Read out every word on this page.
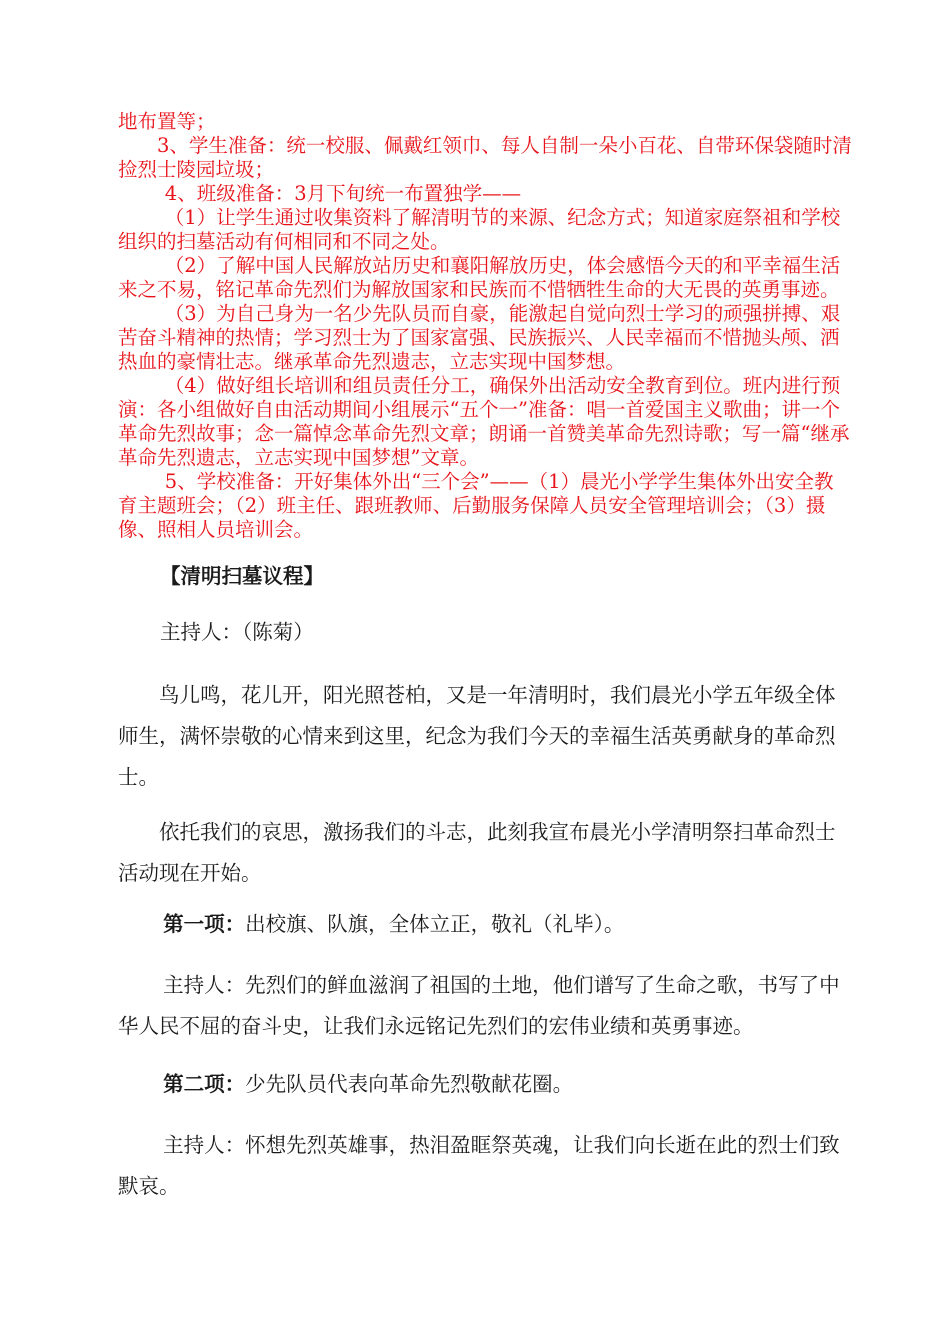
地布置等；

3、学生准备：统一校服、佩戴红领巾、每人自制一朵小百花、自带环保袋随时清捡烈士陵园垃圾；

4、班级准备：3月下旬统一布置独学——

（1）让学生通过收集资料了解清明节的来源、纪念方式；知道家庭祭祖和学校组织的扫墓活动有何相同和不同之处。

（2）了解中国人民解放站历史和襄阳解放历史，体会感悟今天的和平幸福生活来之不易，铭记革命先烈们为解放国家和民族而不惜牺牲生命的大无畏的英勇事迹。

（3）为自己身为一名少先队员而自豪，能激起自觉向烈士学习的顽强拼搏、艰苦奋斗精神的热情；学习烈士为了国家富强、民族振兴、人民幸福而不惜抛头颅、洒热血的豪情壮志。继承革命先烈遗志，立志实现中国梦想。

（4）做好组长培训和组员责任分工，确保外出活动安全教育到位。班内进行预演：各小组做好自由活动期间小组展示“五个一”准备：唱一首爱国主义歌曲；讲一个革命先烈故事；念一篇悼念革命先烈文章；朗诵一首赞美革命先烈诗歌；写一篇“继承革命先烈遗志，立志实现中国梦想”文章。

5、学校准备：开好集体外出“三个会”——（1）晨光小学学生集体外出安全教育主题班会；（2）班主任、跟班教师、后勤服务保障人员安全管理培训会；（3）摄像、照相人员培训会。

【清明扫墓议程】
主持人：（陈菊）
鸟儿鸣，花儿开，阳光照苍柏，又是一年清明时，我们晨光小学五年级全体师生，满怀崇敬的心情来到这里，纪念为我们今天的幸福生活英勇献身的革命烈士。
依托我们的哀思，激扬我们的斗志，此刻我宣布晨光小学清明祭扫革命烈士活动现在开始。
第一项：出校旗、队旗，全体立正，敬礼（礼毕）。
主持人：先烈们的鲜血滋润了祖国的土地，他们谱写了生命之歌，书写了中华人民不屈的奋斗史，让我们永远铭记先烈们的宏伟业绩和英勇事迹。
第二项：少先队员代表向革命先烈敬献花圈。
主持人：怀想先烈英雄事，热泪盈眶祭英魂，让我们向长逝在此的烈士们致默哀。
